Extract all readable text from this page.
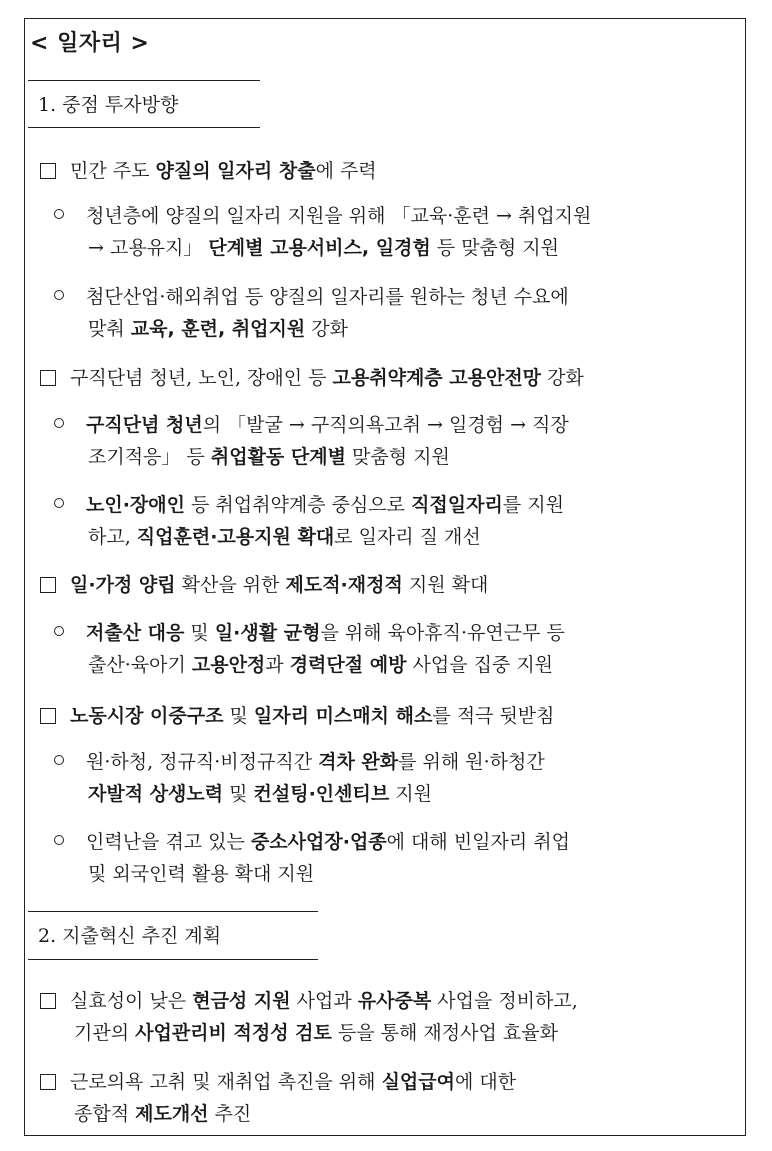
< 일자리 >
1. 중점 투자방향
민간 주도 양질의 일자리 창출에 주력
청년층에 양질의 일자리 지원을 위해 「교육·훈련 → 취업지원
→ 고용유지」 단계별 고용서비스, 일경험 등 맞춤형 지원
첨단산업·해외취업 등 양질의 일자리를 원하는 청년 수요에
맞춰 교육, 훈련, 취업지원 강화
구직단념 청년, 노인, 장애인 등 고용취약계층 고용안전망 강화
구직단념 청년의 「발굴 → 구직의욕고취 → 일경험 → 직장
조기적응」 등 취업활동 단계별 맞춤형 지원
노인·장애인 등 취업취약계층 중심으로 직접일자리를 지원
하고, 직업훈련·고용지원 확대로 일자리 질 개선
일·가정 양립 확산을 위한 제도적·재정적 지원 확대
저출산 대응 및 일·생활 균형을 위해 육아휴직·유연근무 등
출산·육아기 고용안정과 경력단절 예방 사업을 집중 지원
노동시장 이중구조 및 일자리 미스매치 해소를 적극 뒷받침
원·하청, 정규직·비정규직간 격차 완화를 위해 원·하청간
자발적 상생노력 및 컨설팅·인센티브 지원
인력난을 겪고 있는 중소사업장·업종에 대해 빈일자리 취업
및 외국인력 활용 확대 지원
2. 지출혁신 추진 계획
실효성이 낮은 현금성 지원 사업과 유사중복 사업을 정비하고,
기관의 사업관리비 적정성 검토 등을 통해 재정사업 효율화
근로의욕 고취 및 재취업 촉진을 위해 실업급여에 대한
종합적 제도개선 추진
